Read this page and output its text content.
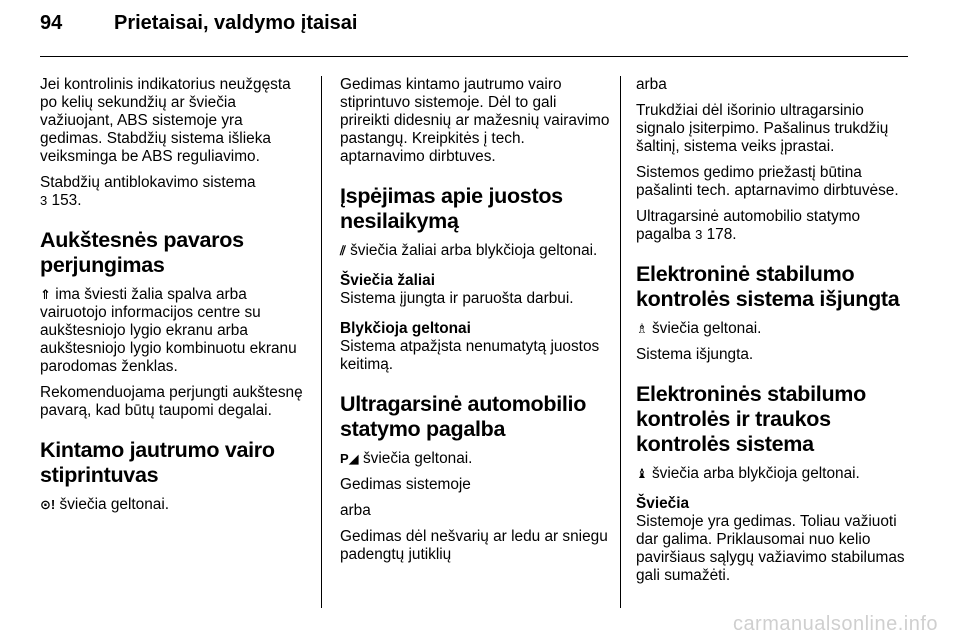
94	Prietaisai, valdymo įtaisai

Jei kontrolinis indikatorius neužgęsta po kelių sekundžių ar šviečia važiuojant, ABS sistemoje yra gedimas. Stabdžių sistema išlieka veiksminga be ABS reguliavimo.

Stabdžių antiblokavimo sistema
3 153.

Aukštesnės pavaros perjungimas

⇑ ima šviesti žalia spalva arba vairuotojo informacijos centre su aukštesniojo lygio ekranu arba aukštesniojo lygio kombinuotu ekranu parodomas ženklas.

Rekomenduojama perjungti aukštesnę pavarą, kad būtų taupomi degalai.

Kintamo jautrumo vairo stiprintuvas

⊙! šviečia geltonai.

Gedimas kintamo jautrumo vairo stiprintuvo sistemoje. Dėl to gali prireikti didesnių ar mažesnių vairavimo pastangų. Kreipkitės į tech. aptarnavimo dirbtuves.

Įspėjimas apie juostos nesilaikymą

⫽ šviečia žaliai arba blykčioja geltonai.

Šviečia žaliai

Sistema įjungta ir paruošta darbui.

Blykčioja geltonai

Sistema atpažįsta nenumatytą juostos keitimą.

Ultragarsinė automobilio statymo pagalba

P◢ šviečia geltonai.

Gedimas sistemoje

arba

Gedimas dėl nešvarių ar ledu ar sniegu padengtų jutiklių

arba

Trukdžiai dėl išorinio ultragarsinio signalo įsiterpimo. Pašalinus trukdžių šaltinį, sistema veiks įprastai.

Sistemos gedimo priežastį būtina pašalinti tech. aptarnavimo dirbtuvėse.

Ultragarsinė automobilio statymo pagalba 3 178.

Elektroninė stabilumo kontrolės sistema išjungta

♗ šviečia geltonai.

Sistema išjungta.

Elektroninės stabilumo kontrolės ir traukos kontrolės sistema

♝ šviečia arba blykčioja geltonai.

Šviečia

Sistemoje yra gedimas. Toliau važiuoti dar galima. Priklausomai nuo kelio paviršiaus sąlygų važiavimo stabilumas gali sumažėti.

carmanualsonline.info
